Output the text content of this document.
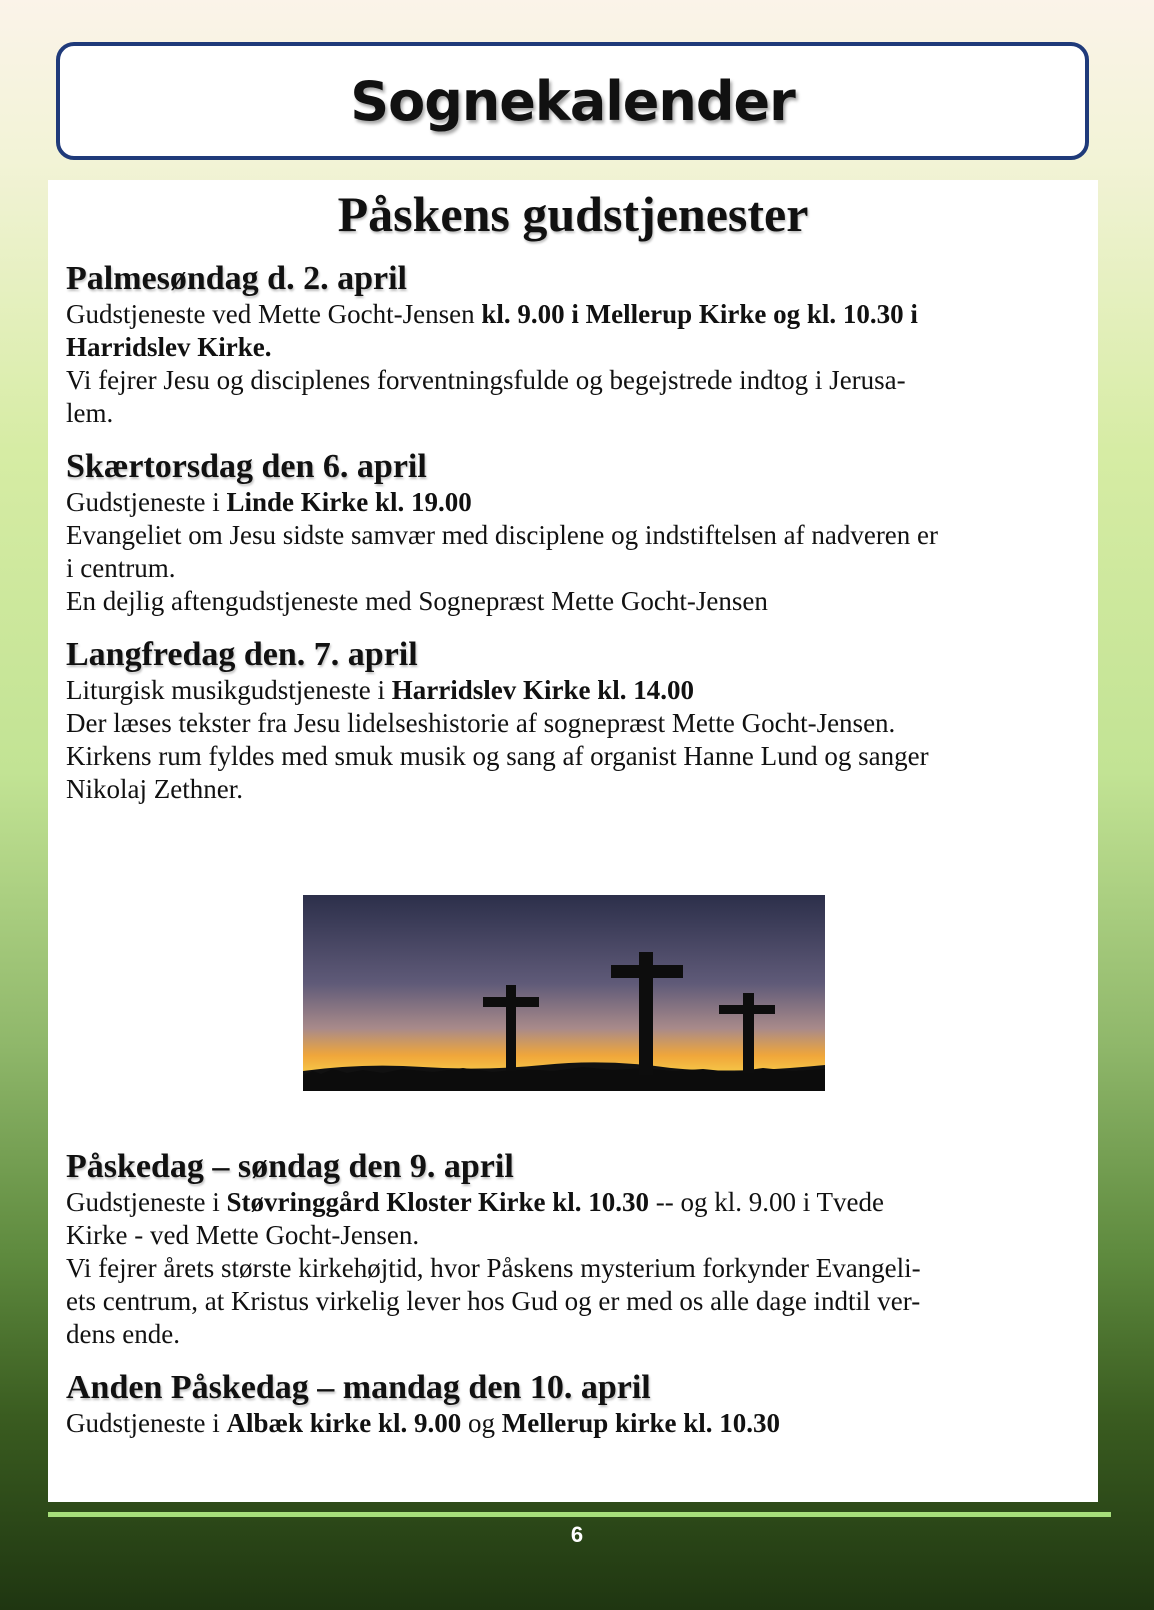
Sognekalender
Påskens gudstjenester

Palmesøndag d. 2. april

Gudstjeneste ved Mette Gocht-Jensen kl. 9.00 i Mellerup Kirke og kl. 10.30 i

Harridslev Kirke.

Vi fejrer Jesu og disciplenes forventningsfulde og begejstrede indtog i Jerusa-

lem.

Skærtorsdag den 6. april

Gudstjeneste i Linde Kirke kl. 19.00

Evangeliet om Jesu sidste samvær med disciplene og indstiftelsen af nadveren er

i centrum.

En dejlig aftengudstjeneste med Sognepræst Mette Gocht-Jensen

Langfredag den. 7. april

Liturgisk musikgudstjeneste i Harridslev Kirke kl. 14.00

Der læses tekster fra Jesu lidelseshistorie af sognepræst Mette Gocht-Jensen.

Kirkens rum fyldes med smuk musik og sang af organist Hanne Lund og sanger

Nikolaj Zethner.

Påskedag – søndag den 9. april

Gudstjeneste i Støvringgård Kloster Kirke kl. 10.30 -- og kl. 9.00 i Tvede

Kirke - ved Mette Gocht-Jensen.

Vi fejrer årets største kirkehøjtid, hvor Påskens mysterium forkynder Evangeli-

ets centrum, at Kristus virkelig lever hos Gud og er med os alle dage indtil ver-

dens ende.

Anden Påskedag – mandag den 10. april

Gudstjeneste i Albæk kirke kl. 9.00 og Mellerup kirke kl. 10.30

6
